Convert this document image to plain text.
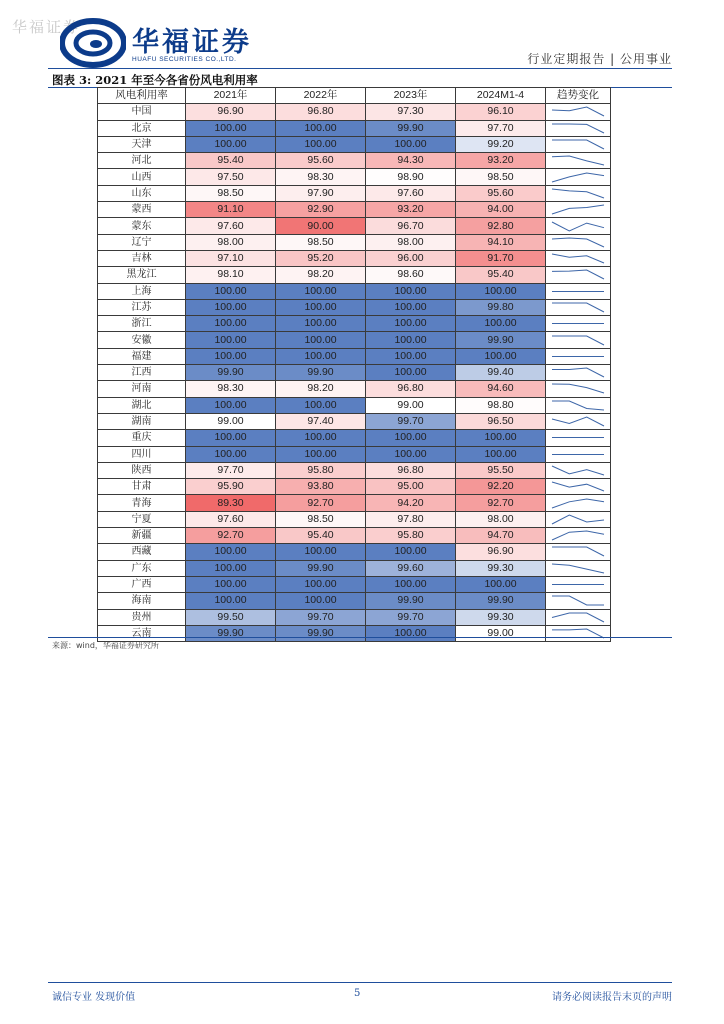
华福证券 华福证券
HUAFU SECURITIES CO.,LTD.	行业定期报告 | 公用事业
图表 3: 2021 年至今各省份风电利用率
风电利用率	2021年	2022年	2023年	2024M1-4	趋势变化
中国	96.90	96.80	97.30	96.10	

北京	100.00	100.00	99.90	97.70	

天津	100.00	100.00	100.00	99.20	

河北	95.40	95.60	94.30	93.20	

山西	97.50	98.30	98.90	98.50	

山东	98.50	97.90	97.60	95.60	

蒙西	91.10	92.90	93.20	94.00	

蒙东	97.60	90.00	96.70	92.80	

辽宁	98.00	98.50	98.00	94.10	

吉林	97.10	95.20	96.00	91.70	

黑龙江	98.10	98.20	98.60	95.40	

上海	100.00	100.00	100.00	100.00	

江苏	100.00	100.00	100.00	99.80	

浙江	100.00	100.00	100.00	100.00	

安徽	100.00	100.00	100.00	99.90	

福建	100.00	100.00	100.00	100.00	

江西	99.90	99.90	100.00	99.40	

河南	98.30	98.20	96.80	94.60	

湖北	100.00	100.00	99.00	98.80	

湖南	99.00	97.40	99.70	96.50	

重庆	100.00	100.00	100.00	100.00	

四川	100.00	100.00	100.00	100.00	

陕西	97.70	95.80	96.80	95.50	

甘肃	95.90	93.80	95.00	92.20	

青海	89.30	92.70	94.20	92.70	

宁夏	97.60	98.50	97.80	98.00	

新疆	92.70	95.40	95.80	94.70	

西藏	100.00	100.00	100.00	96.90	

广东	100.00	99.90	99.60	99.30	

广西	100.00	100.00	100.00	100.00	

海南	100.00	100.00	99.90	99.90	

贵州	99.50	99.70	99.70	99.30	

云南	99.90	99.90	100.00	99.00	
来源：wind，华福证券研究所
诚信专业 发现价值	5	请务必阅读报告末页的声明
